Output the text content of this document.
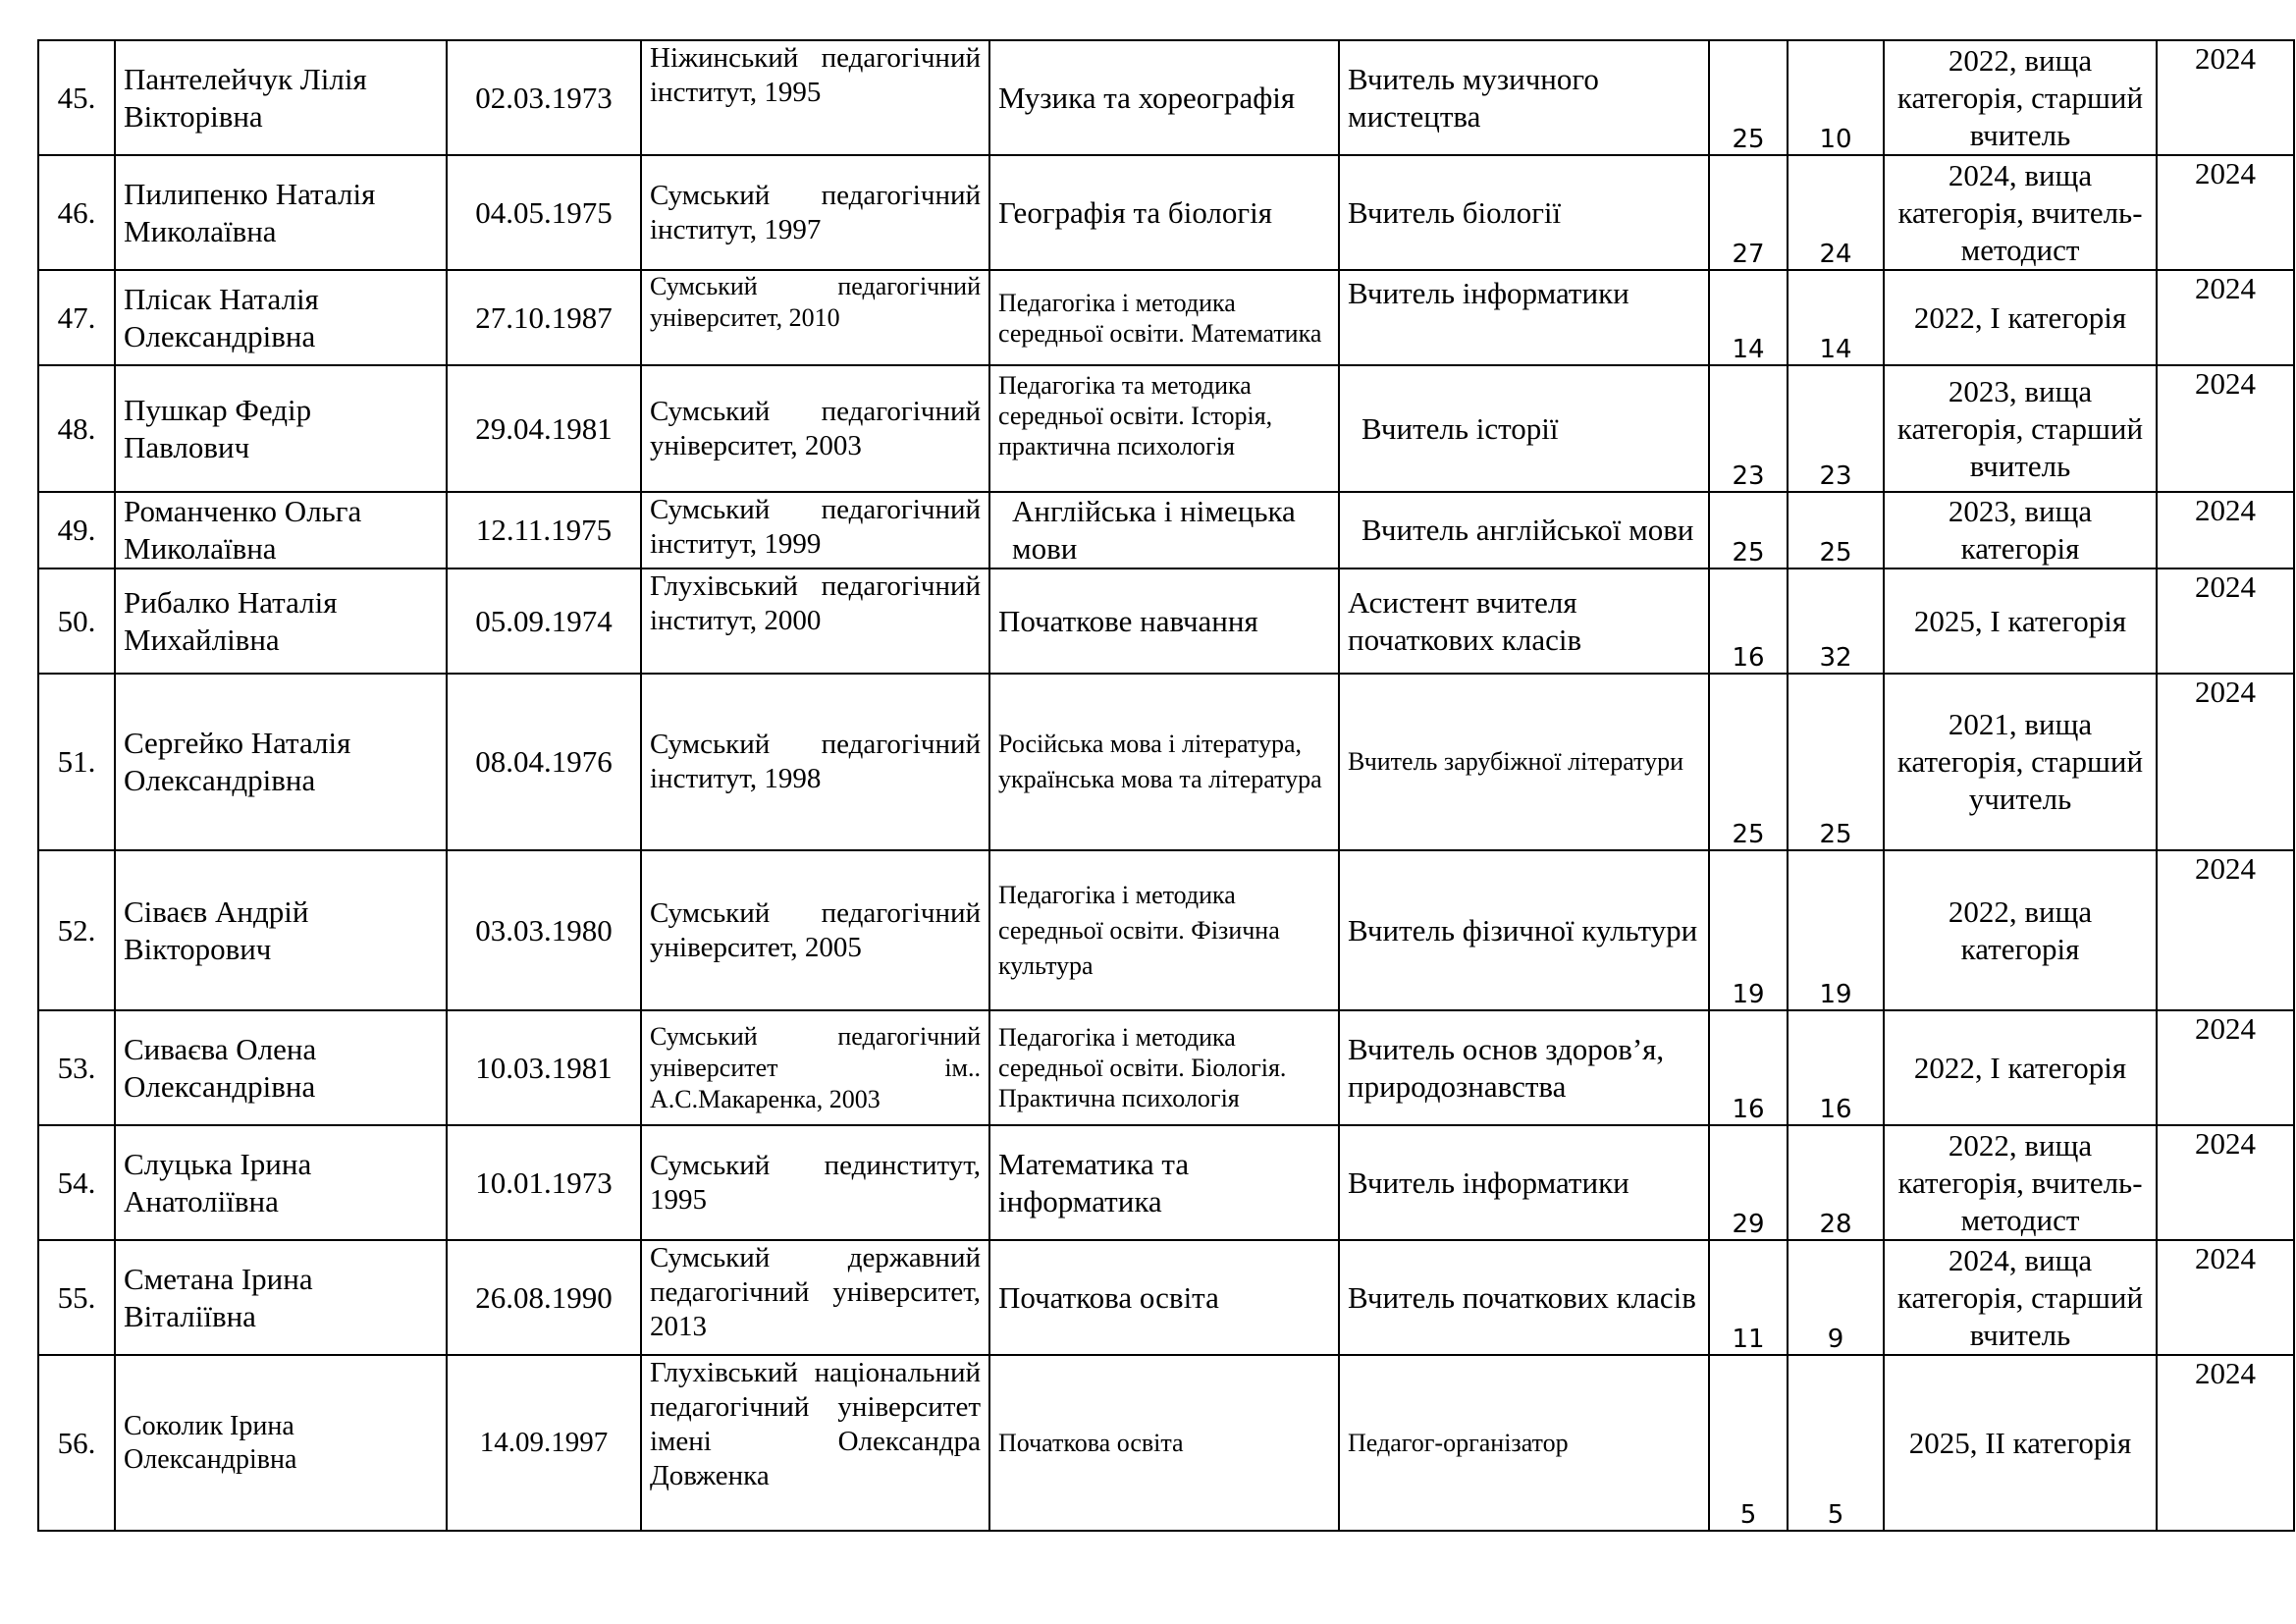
45.	Пантелейчук Лілія Вікторівна	02.03.1973	Ніжинський педагогічний інститут, 1995	Музика та хореографія	Вчитель музичного мистецтва	25	10	2022, вища категорія, старший вчитель	2024
46.	Пилипенко Наталія Миколаївна	04.05.1975	Сумський педагогічний інститут, 1997	Географія та біологія	Вчитель біології	27	24	2024, вища категорія, вчитель-методист	2024
47.	Плісак Наталія Олександрівна	27.10.1987	Сумський педагогічний університет, 2010	Педагогіка і методика середньої освіти. Математика	Вчитель інформатики	14	14	2022, І категорія	2024
48.	Пушкар Федір Павлович	29.04.1981	Сумський педагогічний університет, 2003	Педагогіка та методика середньої освіти. Історія, практична психологія	Вчитель історії	23	23	2023, вища категорія, старший вчитель	2024
49.	Романченко Ольга Миколаївна	12.11.1975	Сумський педагогічний інститут, 1999	Англійська і німецька мови	Вчитель англійської мови	25	25	2023, вища категорія	2024
50.	Рибалко Наталія Михайлівна	05.09.1974	Глухівський педагогічний інститут, 2000	Початкове навчання	Асистент вчителя початкових класів	16	32	2025, І категорія	2024
51.	Сергейко Наталія Олександрівна	08.04.1976	Сумський педагогічний інститут, 1998	Російська мова і література, українська мова та література	Вчитель зарубіжної літератури	25	25	2021, вища категорія, старший учитель	2024
52.	Сіваєв Андрій Вікторович	03.03.1980	Сумський педагогічний університет, 2005	Педагогіка і методика середньої освіти. Фізична культура	Вчитель фізичної культури	19	19	2022, вища категорія	2024
53.	Сиваєва Олена Олександрівна	10.03.1981	Сумський педагогічний університет ім.. А.С.Макаренка, 2003	Педагогіка і методика середньої освіти. Біологія. Практична психологія	Вчитель основ здоров’я, природознавства	16	16	2022, І категорія	2024
54.	Слуцька Ірина Анатоліївна	10.01.1973	Сумський пединститут, 1995	Математика та інформатика	Вчитель інформатики	29	28	2022, вища категорія, вчитель-методист	2024
55.	Сметана Ірина Віталіївна	26.08.1990	Сумський державний педагогічний університет, 2013	Початкова освіта	Вчитель початкових класів	11	9	2024, вища категорія, старший вчитель	2024
56.	Соколик Ірина Олександрівна	14.09.1997	Глухівський національний педагогічний університет імені Олександра Довженка	Початкова освіта	Педагог-організатор	5	5	2025, ІІ категорія	2024
